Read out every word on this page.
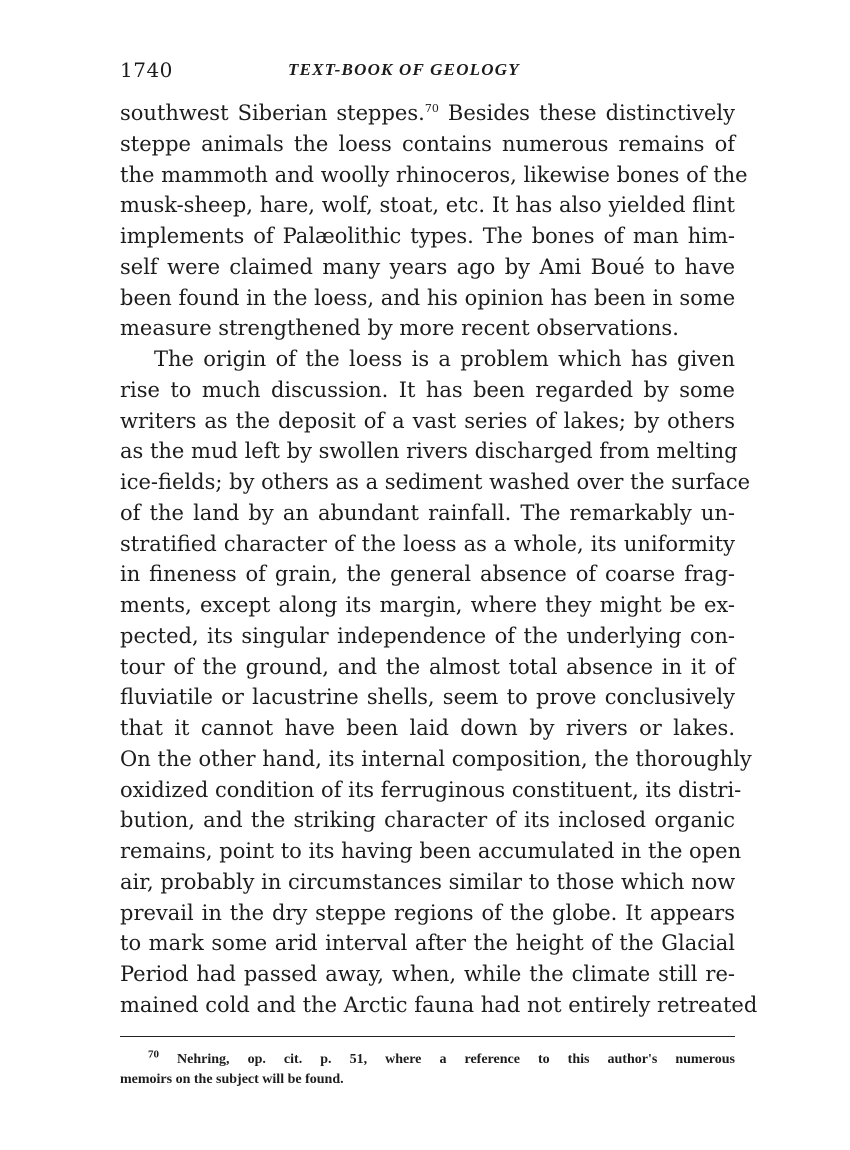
1740	TEXT-BOOK OF GEOLOGY
southwest Siberian steppes.$^{70}$ Besides these distinctively
steppe animals the loess contains numerous remains of
the mammoth and woolly rhinoceros, likewise bones of the
musk-sheep, hare, wolf, stoat, etc. It has also yielded flint
implements of Palæolithic types. The bones of man him-
self were claimed many years ago by Ami Boué to have
been found in the loess, and his opinion has been in some
measure strengthened by more recent observations.
The origin of the loess is a problem which has given
rise to much discussion. It has been regarded by some
writers as the deposit of a vast series of lakes; by others
as the mud left by swollen rivers discharged from melting
ice-fields; by others as a sediment washed over the surface
of the land by an abundant rainfall. The remarkably un-
stratified character of the loess as a whole, its uniformity
in fineness of grain, the general absence of coarse frag-
ments, except along its margin, where they might be ex-
pected, its singular independence of the underlying con-
tour of the ground, and the almost total absence in it of
fluviatile or lacustrine shells, seem to prove conclusively
that it cannot have been laid down by rivers or lakes.
On the other hand, its internal composition, the thoroughly
oxidized condition of its ferruginous constituent, its distri-
bution, and the striking character of its inclosed organic
remains, point to its having been accumulated in the open
air, probably in circumstances similar to those which now
prevail in the dry steppe regions of the globe. It appears
to mark some arid interval after the height of the Glacial
Period had passed away, when, while the climate still re-
mained cold and the Arctic fauna had not entirely retreated
$^{70}$ Nehring, op. cit. p. 51, where a reference to this author's numerous
memoirs on the subject will be found.
